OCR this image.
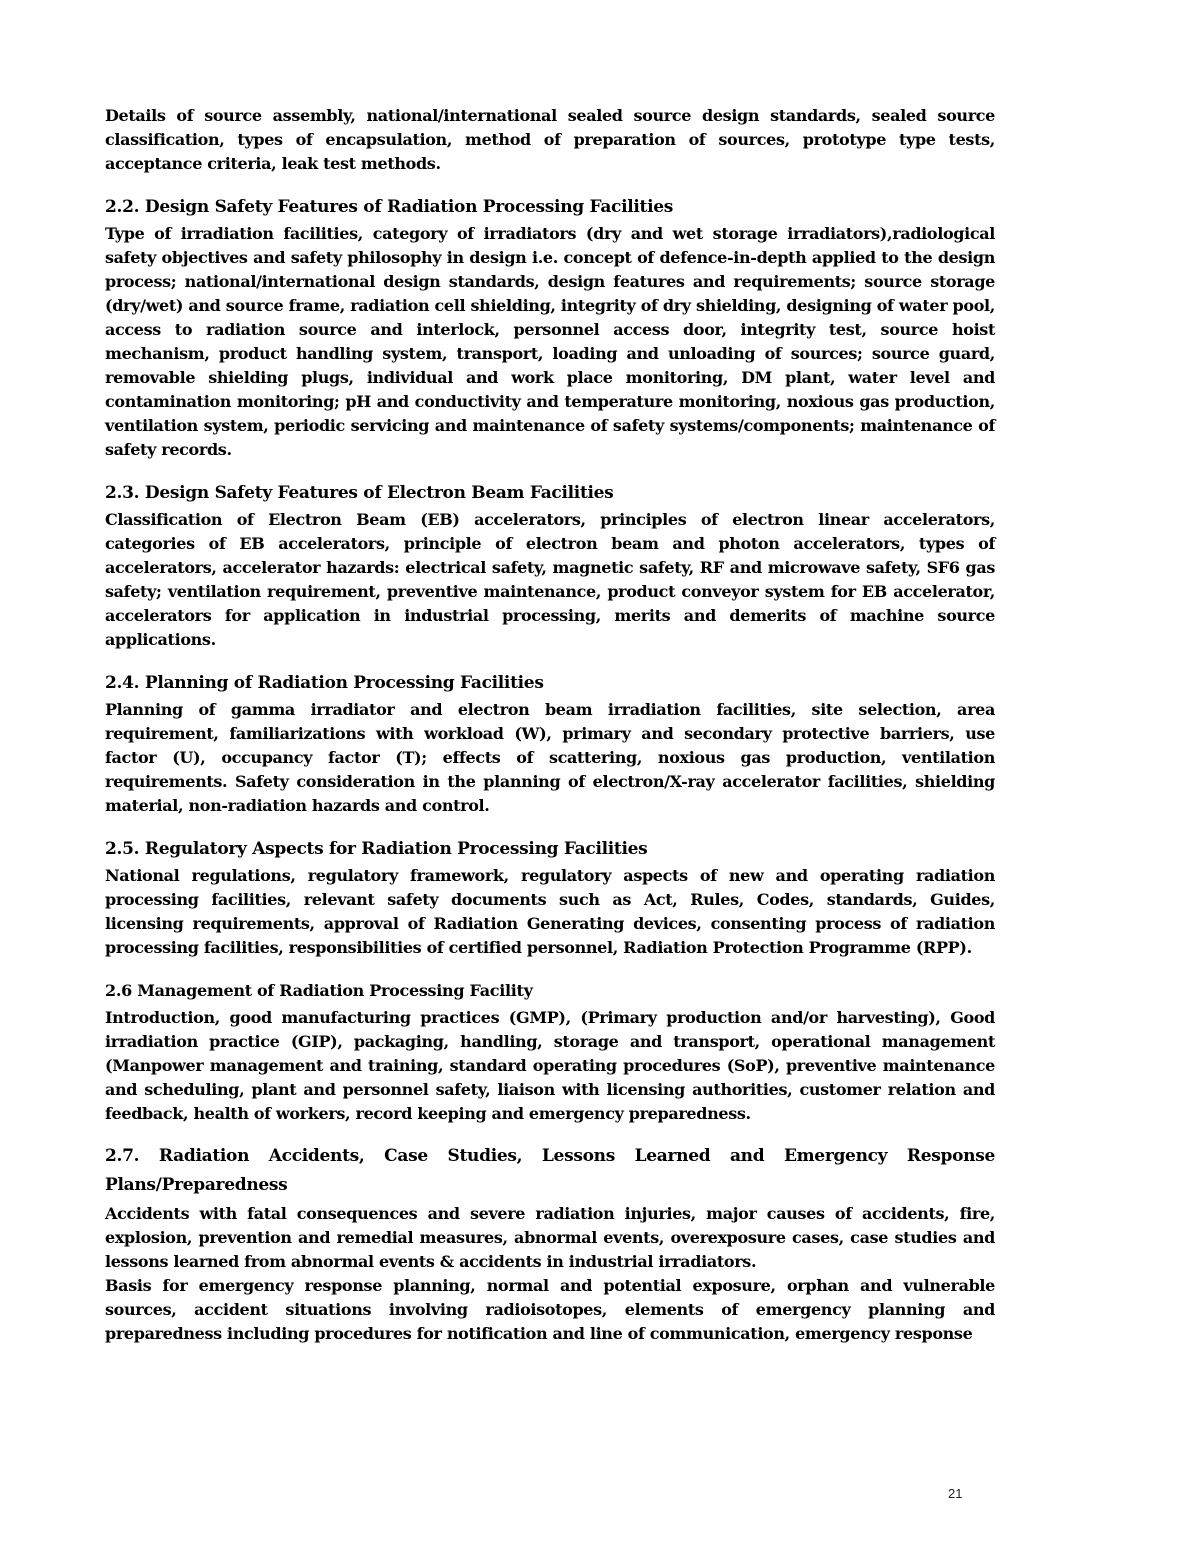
Details of source assembly, national/international sealed source design standards, sealed source classification, types of encapsulation, method of preparation of sources, prototype type tests, acceptance criteria, leak test methods.

2.2. Design Safety Features of Radiation Processing Facilities

Type of irradiation facilities, category of irradiators (dry and wet storage irradiators),radiological safety objectives and safety philosophy in design i.e. concept of defence-in-depth applied to the design process; national/international design standards, design features and requirements; source storage (dry/wet) and source frame, radiation cell shielding, integrity of dry shielding, designing of water pool, access to radiation source and interlock, personnel access door, integrity test, source hoist mechanism, product handling system, transport, loading and unloading of sources; source guard, removable shielding plugs, individual and work place monitoring, DM plant, water level and contamination monitoring; pH and conductivity and temperature monitoring, noxious gas production, ventilation system, periodic servicing and maintenance of safety systems/components; maintenance of safety records.

2.3. Design Safety Features of Electron Beam Facilities

Classification of Electron Beam (EB) accelerators, principles of electron linear accelerators, categories of EB accelerators, principle of electron beam and photon accelerators, types of accelerators, accelerator hazards: electrical safety, magnetic safety, RF and microwave safety, SF6 gas safety; ventilation requirement, preventive maintenance, product conveyor system for EB accelerator, accelerators for application in industrial processing, merits and demerits of machine source applications.

2.4. Planning of Radiation Processing Facilities

Planning of gamma irradiator and electron beam irradiation facilities, site selection, area requirement, familiarizations with workload (W), primary and secondary protective barriers, use factor (U), occupancy factor (T); effects of scattering, noxious gas production, ventilation requirements. Safety consideration in the planning of electron/X-ray accelerator facilities, shielding material, non-radiation hazards and control.

2.5. Regulatory Aspects for Radiation Processing Facilities

National regulations, regulatory framework, regulatory aspects of new and operating radiation processing facilities, relevant safety documents such as Act, Rules, Codes, standards, Guides, licensing requirements, approval of Radiation Generating devices, consenting process of radiation processing facilities, responsibilities of certified personnel, Radiation Protection Programme (RPP).

2.6 Management of Radiation Processing Facility

Introduction, good manufacturing practices (GMP), (Primary production and/or harvesting), Good irradiation practice (GIP), packaging, handling, storage and transport, operational management (Manpower management and training, standard operating procedures (SoP), preventive maintenance and scheduling, plant and personnel safety, liaison with licensing authorities, customer relation and feedback, health of workers, record keeping and emergency preparedness.

2.7. Radiation Accidents, Case Studies, Lessons Learned and Emergency Response Plans/Preparedness

Accidents with fatal consequences and severe radiation injuries, major causes of accidents, fire, explosion, prevention and remedial measures, abnormal events, overexposure cases, case studies and lessons learned from abnormal events & accidents in industrial irradiators.

Basis for emergency response planning, normal and potential exposure, orphan and vulnerable sources, accident situations involving radioisotopes, elements of emergency planning and preparedness including procedures for notification and line of communication, emergency response

21
